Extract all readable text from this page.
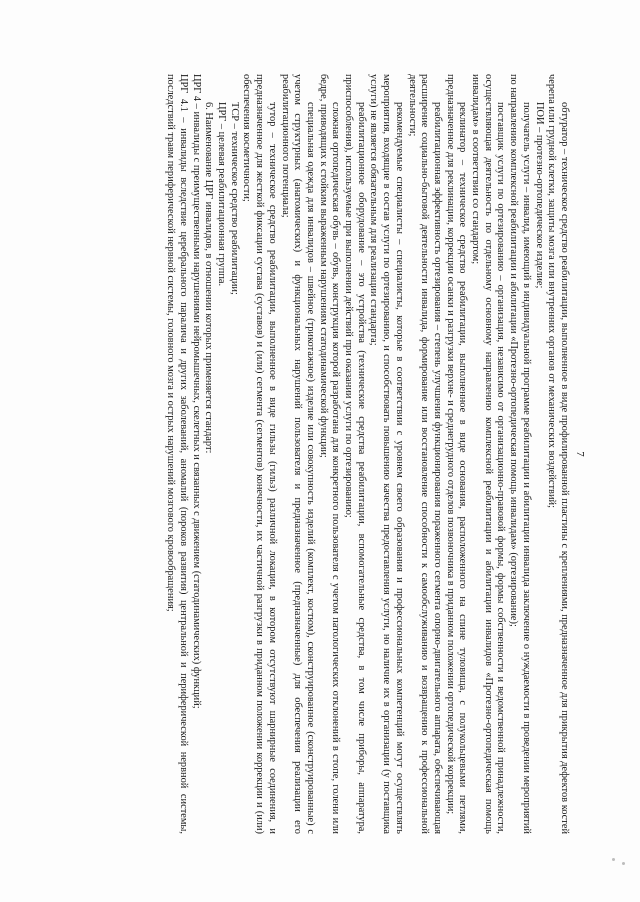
7

обтуратор – техническое средство реабилитации, выполненное в виде профилированной пластины с креплениями, предназначенное для прикрытия дефектов костей черепа или грудной клетки, защиты мозга или внутренних органов от механических воздействий;

ПОИ – протезно-ортопедическое изделие;

получатель услуги – инвалид, имеющий в индивидуальной программе реабилитации и абилитации инвалида заключение о нуждаемости в проведении мероприятий по направлению комплексной реабилитации и абилитации «Протезно-ортопедическая помощь инвалидам» (ортезирование);

поставщик услуги по ортезированию – организация, независимо от организационно-правовой формы, формы собственности и ведомственной принадлежности, осуществляющая деятельность по отдельному основному направлению комплексной реабилитации и абилитации инвалидов «Протезно-ортопедическая помощь инвалидам» в соответствии со стандартом;

реклинатор – техническое средство реабилитации, выполненное в виде основания, расположенного на спине туловища, с полукольцевыми петлями, предназначенное для реклинации, коррекции осанки и разгрузки верхне- и среднегрудного отделов позвоночника в приданном положении ортопедической коррекции;

реабилитационная эффективность ортезирования – степень улучшения функционирования пораженного сегмента опорно-двигательного аппарата, обеспечивающая расширение социально-бытовой деятельности инвалида, формирование или восстановление способности к самообслуживанию и возвращению к профессиональной деятельности;

рекомендуемые специалисты – специалисты, которые в соответствии с уровнем своего образования и профессиональных компетенций могут осуществлять мероприятия, входящие в состав услуги по ортезированию, и способствовать повышению качества предоставления услуги, но наличие их в организации (у поставщика услуги) не является обязательным для реализации стандарта;

реабилитационное оборудование – это устройства (технические средства реабилитации, вспомогательные средства, в том числе приборы, аппаратура, приспособления), используемые при выполнении действий при оказании услуги по ортезированию;

сложная ортопедическая обувь – обувь, конструкция которой разработана для конкретного пользователя с учетом патологических отклонений в стопе, голени или бедре, приводящих к стойким выраженным нарушениям статодинамической функции;

специальная одежда для инвалидов – швейное (трикотажное) изделие или совокупность изделий (комплект, костюм), сконструированное (сконструированные) с учетом структурных (анатомических) и функциональных нарушений пользователя и предназначенное (предназначенные) для обеспечения реализации его реабилитационного потенциала;

тутор – техническое средство реабилитации, выполненное в виде гильзы (гильз) различной локации, в котором отсутствуют шарнирные соединения, и предназначенное для жесткой фиксации сустава (суставов) и (или) сегмента (сегментов) конечности, их частичной разгрузки в приданном положении коррекции и (или) обеспечения косметичности;

ТСР – техническое средство реабилитации;

ЦРГ – целевая реабилитационная группа.

6. Наименование ЦРГ инвалидов, в отношении которых применяется стандарт:

ЦРГ 4 – инвалиды с преимущественными нарушениями нейромышечных, скелетных и связанных с движением (статодинамических) функций;

ЦРГ 4.1 – инвалиды вследствие церебрального паралича и других заболеваний, аномалий (пороков развития) центральной и периферической нервной системы, последствий травм периферической нервной системы, головного мозга и острых нарушений мозгового кровообращения;
